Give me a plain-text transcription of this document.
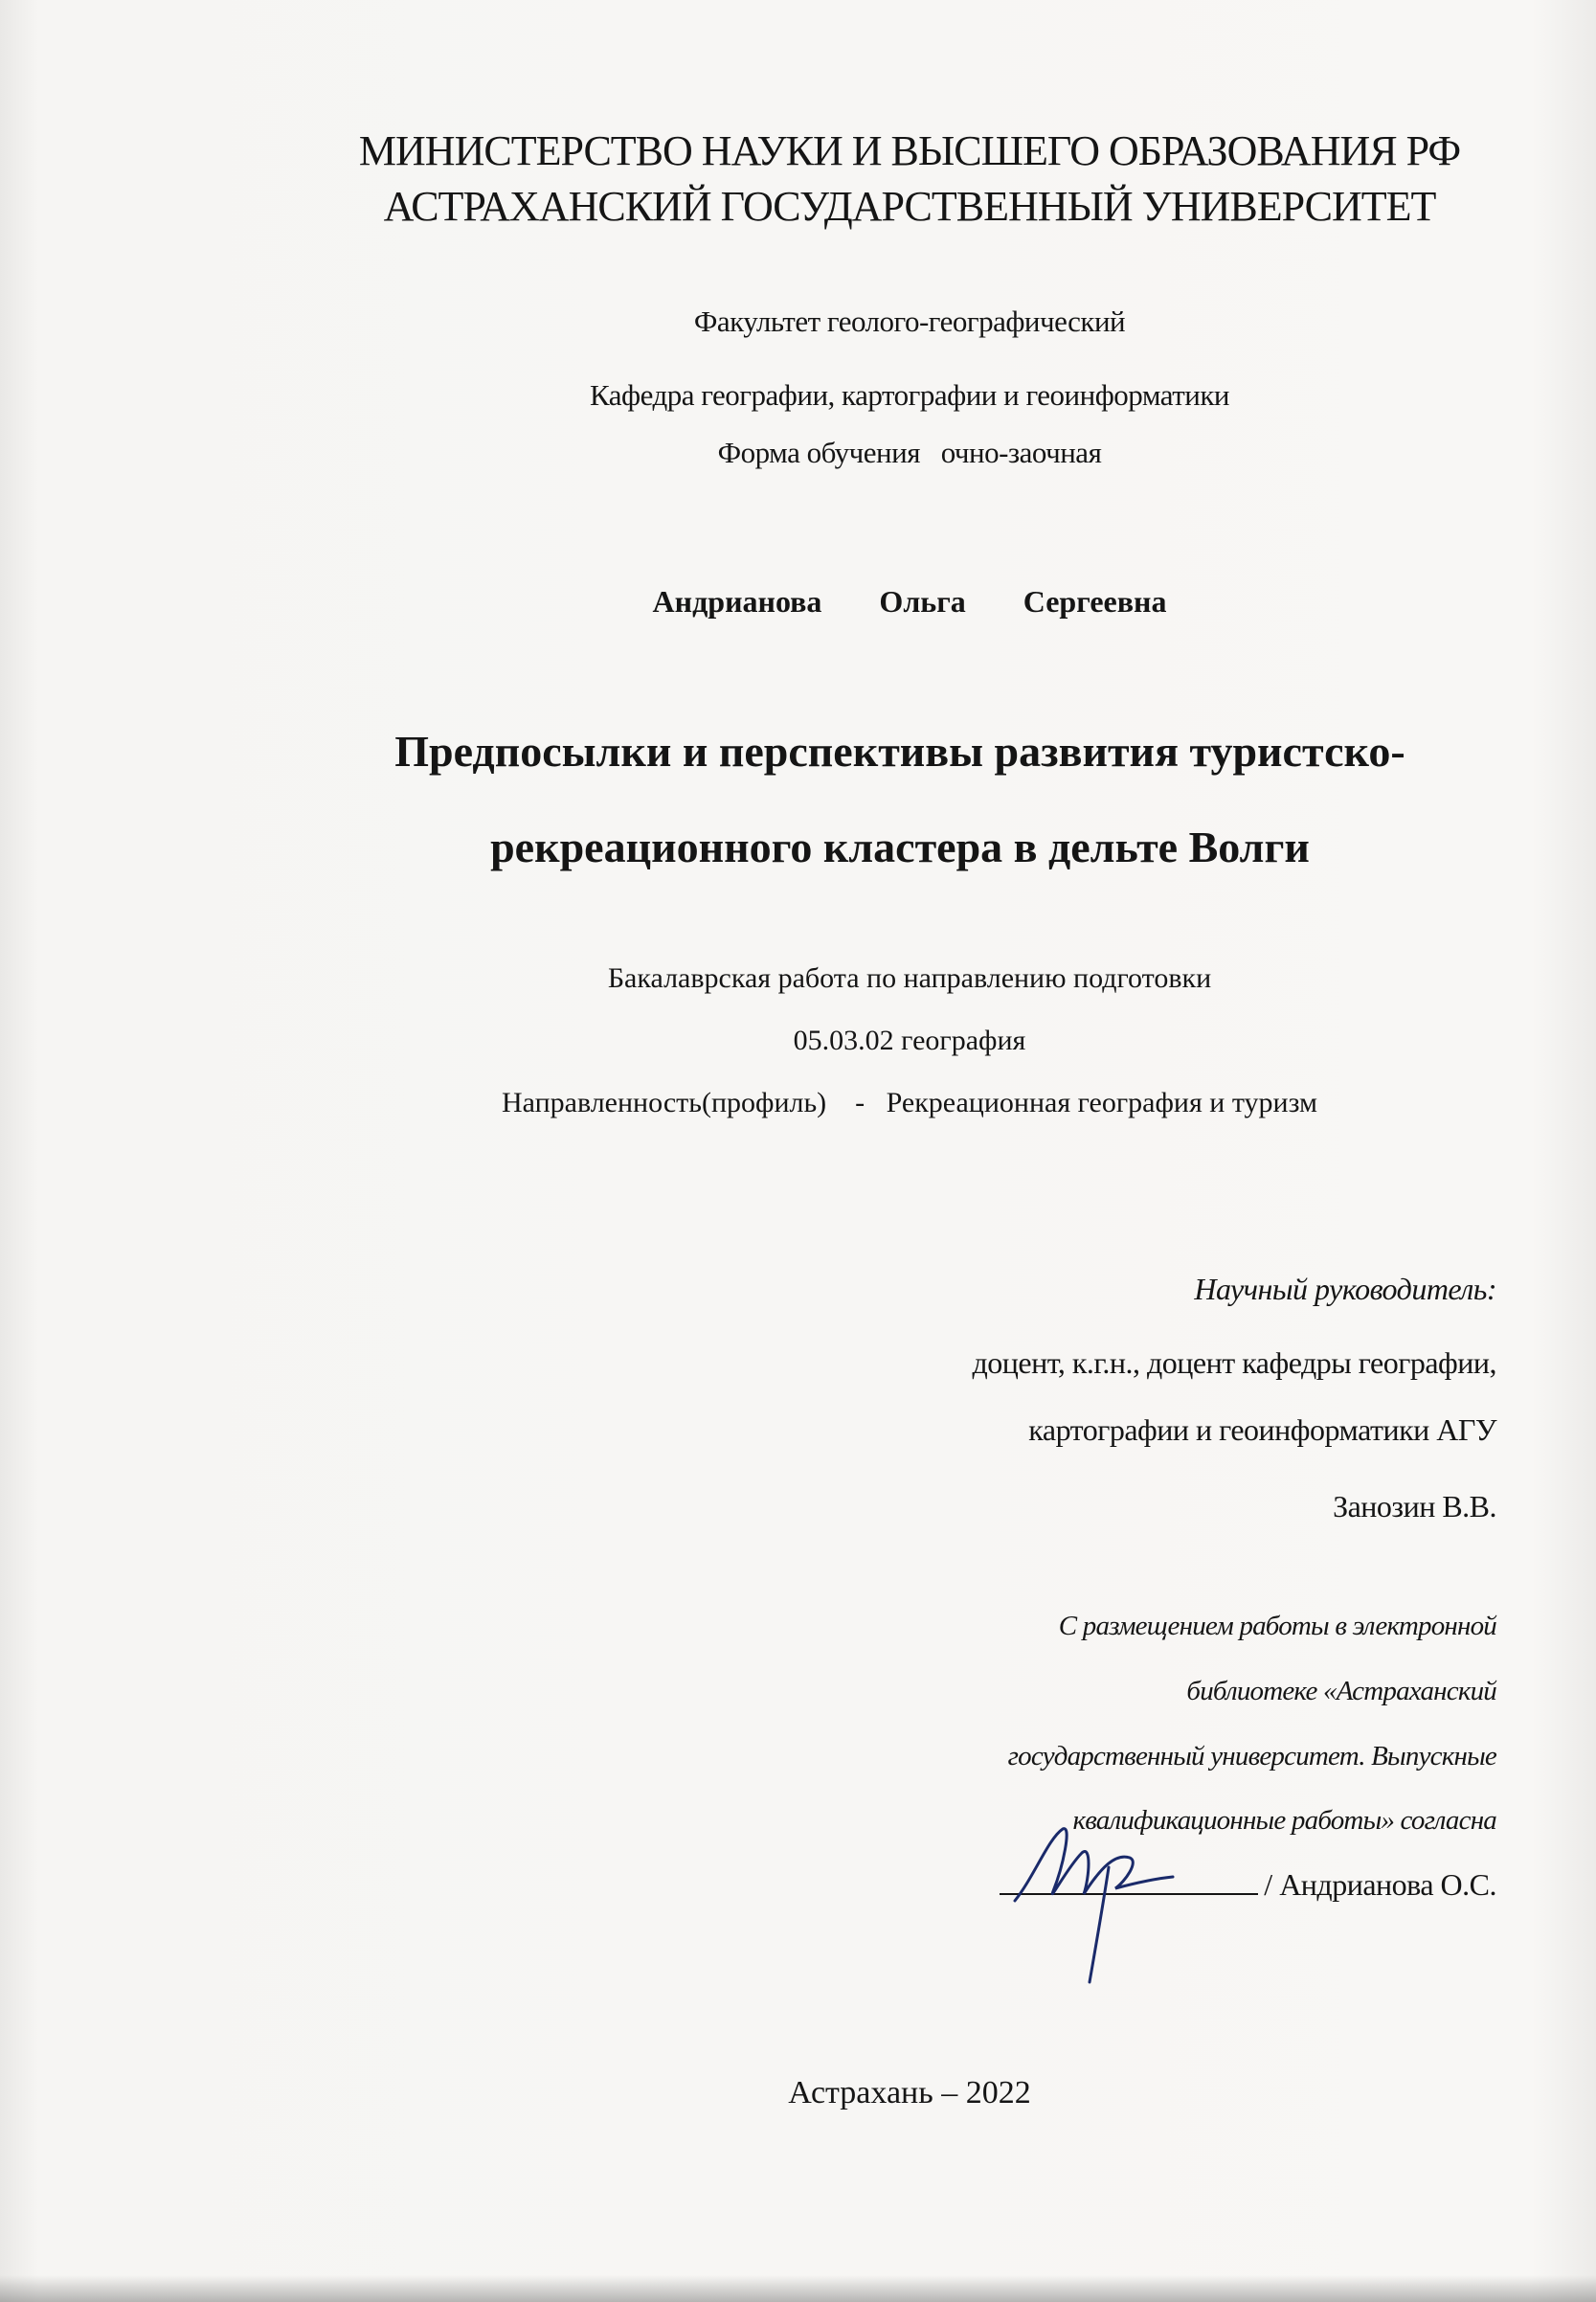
МИНИСТЕРСТВО НАУКИ И ВЫСШЕГО ОБРАЗОВАНИЯ РФ
АСТРАХАНСКИЙ ГОСУДАРСТВЕННЫЙ УНИВЕРСИТЕТ
Факультет геолого-географический
Кафедра географии, картографии и геоинформатики
Форма обучения   очно-заочная
Андрианова   Ольга   Сергеевна
Предпосылки и перспективы развития туристско-
рекреационного кластера в дельте Волги
Бакалаврская работа по направлению подготовки
05.03.02 география
Направленность(профиль)    -   Рекреационная география и туризм
Научный руководитель:
доцент, к.г.н., доцент кафедры географии,
картографии и геоинформатики АГУ
Занозин В.В.
С размещением работы в электронной
библиотеке «Астраханский
государственный университет. Выпускные
квалификационные работы» согласна
/ Андрианова О.С.
Астрахань – 2022
